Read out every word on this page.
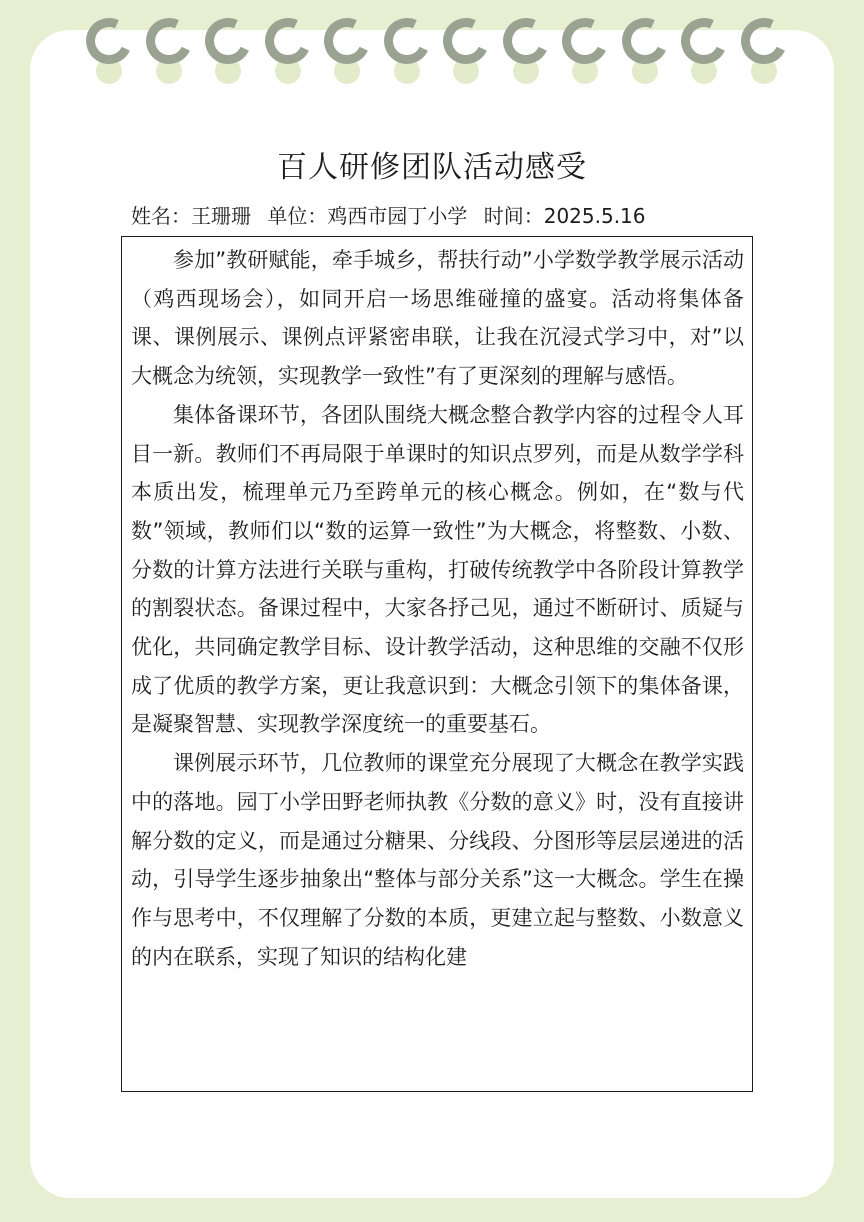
百人研修团队活动感受
姓名：王珊珊 单位：鸡西市园丁小学 时间：2025.5.16

参加”教研赋能，牵手城乡，帮扶行动”小学数学教学展示活动（鸡西现场会），如同开启一场思维碰撞的盛宴。活动将集体备课、课例展示、课例点评紧密串联，让我在沉浸式学习中，对”以大概念为统领，实现教学一致性”有了更深刻的理解与感悟。

集体备课环节，各团队围绕大概念整合教学内容的过程令人耳目一新。教师们不再局限于单课时的知识点罗列，而是从数学学科本质出发，梳理单元乃至跨单元的核心概念。例如，在“数与代数”领域，教师们以“数的运算一致性”为大概念，将整数、小数、分数的计算方法进行关联与重构，打破传统教学中各阶段计算教学的割裂状态。备课过程中，大家各抒己见，通过不断研讨、质疑与优化，共同确定教学目标、设计教学活动，这种思维的交融不仅形成了优质的教学方案，更让我意识到：大概念引领下的集体备课，是凝聚智慧、实现教学深度统一的重要基石。

课例展示环节，几位教师的课堂充分展现了大概念在教学实践中的落地。园丁小学田野老师执教《分数的意义》时，没有直接讲解分数的定义，而是通过分糖果、分线段、分图形等层层递进的活动，引导学生逐步抽象出“整体与部分关系”这一大概念。学生在操作与思考中，不仅理解了分数的本质，更建立起与整数、小数意义的内在联系，实现了知识的结构化建
